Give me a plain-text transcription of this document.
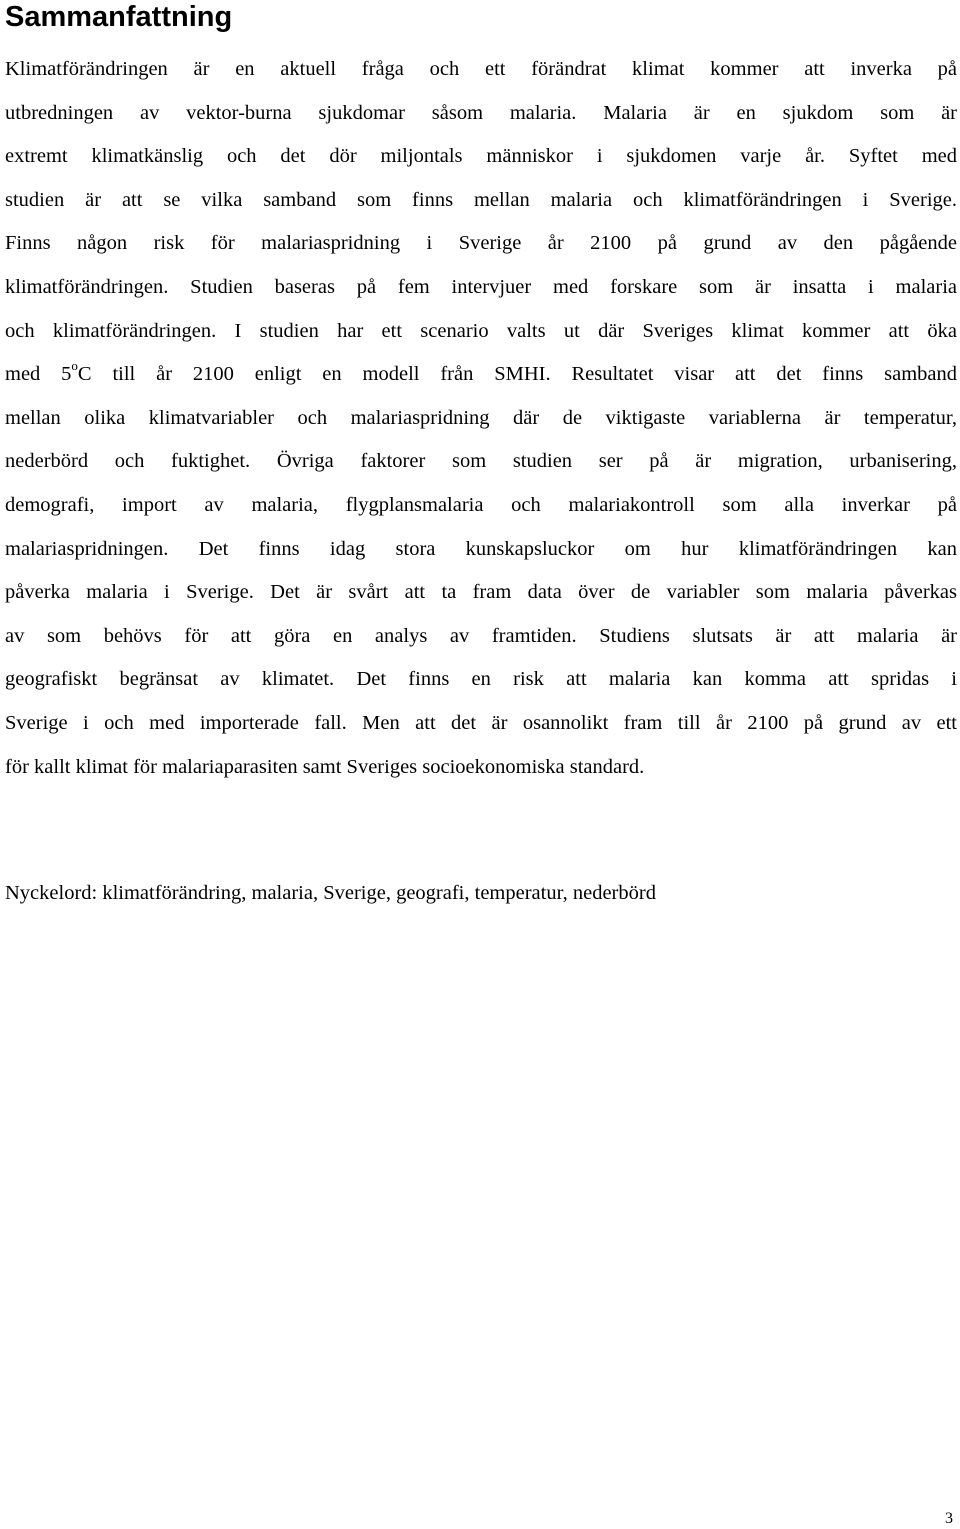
Sammanfattning
Klimatförändringen är en aktuell fråga och ett förändrat klimat kommer att inverka på
utbredningen av vektor-burna sjukdomar såsom malaria. Malaria är en sjukdom som är
extremt klimatkänslig och det dör miljontals människor i sjukdomen varje år. Syftet med
studien är att se vilka samband som finns mellan malaria och klimatförändringen i Sverige.
Finns någon risk för malariaspridning i Sverige år 2100 på grund av den pågående
klimatförändringen. Studien baseras på fem intervjuer med forskare som är insatta i malaria
och klimatförändringen. I studien har ett scenario valts ut där Sveriges klimat kommer att öka
med 5$^o$C till år 2100 enligt en modell från SMHI. Resultatet visar att det finns samband
mellan olika klimatvariabler och malariaspridning där de viktigaste variablerna är temperatur,
nederbörd och fuktighet. Övriga faktorer som studien ser på är migration, urbanisering,
demografi, import av malaria, flygplansmalaria och malariakontroll som alla inverkar på
malariaspridningen. Det finns idag stora kunskapsluckor om hur klimatförändringen kan
påverka malaria i Sverige. Det är svårt att ta fram data över de variabler som malaria påverkas
av som behövs för att göra en analys av framtiden. Studiens slutsats är att malaria är
geografiskt begränsat av klimatet. Det finns en risk att malaria kan komma att spridas i
Sverige i och med importerade fall. Men att det är osannolikt fram till år 2100 på grund av ett
för kallt klimat för malariaparasiten samt Sveriges socioekonomiska standard.

Nyckelord: klimatförändring, malaria, Sverige, geografi, temperatur, nederbörd

3
